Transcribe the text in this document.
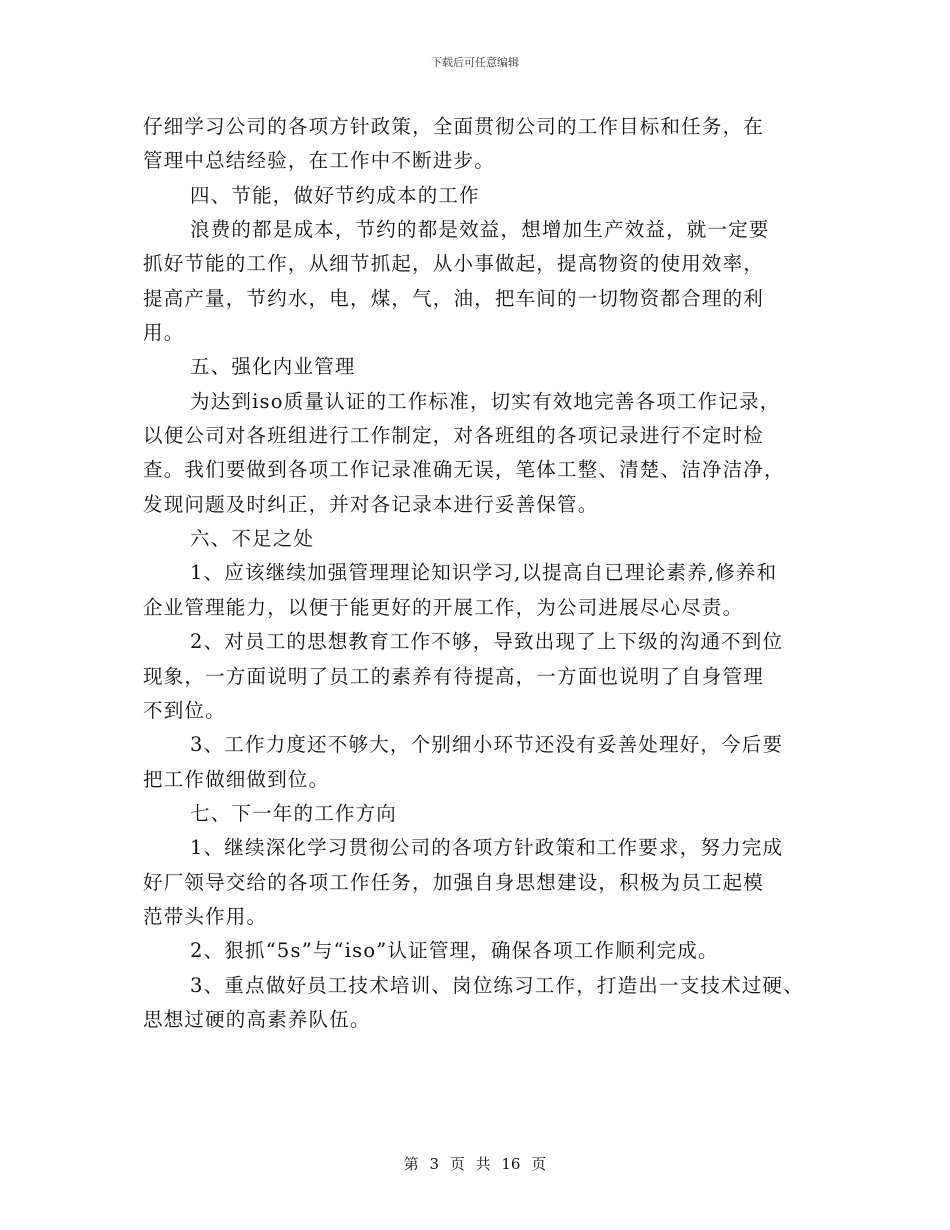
下载后可任意编辑
仔细学习公司的各项方针政策，全面贯彻公司的工作目标和任务，在
管理中总结经验，在工作中不断进步。
四、节能，做好节约成本的工作
浪费的都是成本，节约的都是效益，想增加生产效益，就一定要
抓好节能的工作，从细节抓起，从小事做起，提高物资的使用效率，
提高产量，节约水，电，煤，气，油，把车间的一切物资都合理的利
用。
五、强化内业管理
为达到iso质量认证的工作标准，切实有效地完善各项工作记录，
以便公司对各班组进行工作制定，对各班组的各项记录进行不定时检
查。我们要做到各项工作记录准确无误，笔体工整、清楚、洁净洁净，
发现问题及时纠正，并对各记录本进行妥善保管。
六、不足之处
1、应该继续加强管理理论知识学习,以提高自已理论素养,修养和
企业管理能力，以便于能更好的开展工作，为公司进展尽心尽责。
2、对员工的思想教育工作不够，导致出现了上下级的沟通不到位
现象，一方面说明了员工的素养有待提高，一方面也说明了自身管理
不到位。
3、工作力度还不够大，个别细小环节还没有妥善处理好，今后要
把工作做细做到位。
七、下一年的工作方向
1、继续深化学习贯彻公司的各项方针政策和工作要求，努力完成
好厂领导交给的各项工作任务，加强自身思想建设，积极为员工起模
范带头作用。
2、狠抓“5s”与“iso”认证管理，确保各项工作顺利完成。
3、重点做好员工技术培训、岗位练习工作，打造出一支技术过硬、
思想过硬的高素养队伍。
第 3 页 共 16 页
